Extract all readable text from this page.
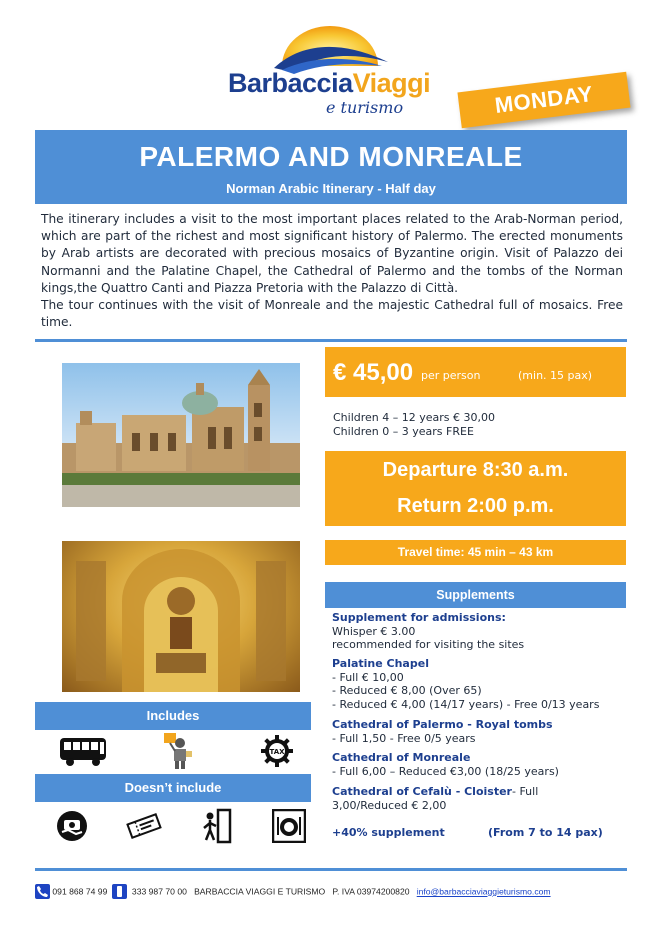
BarbacciaViaggi
e turismo	MONDAY
PALERMO AND MONREALE
Norman Arabic Itinerary - Half day

The itinerary includes a visit to the most important places related to the Arab-Norman period, which are part of the richest and most significant history of Palermo. The erected monuments by Arab artists are decorated with precious mosaics of Byzantine origin. Visit of Palazzo dei Normanni and the Palatine Chapel, the Cathedral of Palermo and the tombs of the Norman kings,the Quattro Canti and Piazza Pretoria with the Palazzo di Città.

The tour continues with the visit of Monreale and the majestic Cathedral full of mosaics. Free time.

€ 45,00 per person	(min. 15 pax)
Children 4 – 12 years € 30,00
Children 0 – 3 years FREE
Departure 8:30 a.m.
Return 2:00 p.m.
Travel time: 45 min – 43 km
Supplements
Supplement for admissions:
Whisper € 3.00
recommended for visiting the sites
Palatine Chapel
- Full € 10,00
- Reduced € 8,00 (Over 65)
- Reduced € 4,00 (14/17 years) - Free 0/13 years
Cathedral of Palermo - Royal tombs
- Full 1,50 - Free 0/5 years
Cathedral of Monreale
- Full 6,00 – Reduced €3,00 (18/25 years)
Cathedral of Cefalù - Cloister- Full
3,00/Reduced € 2,00
+40% supplement	(From 7 to 14 pax)
Includes
TAX
Doesn’t include
091 868 74 99	333 987 70 00 BARBACCIA VIAGGI E TURISMO P. IVA 03974200820 info@barbacciaviaggieturismo.com
